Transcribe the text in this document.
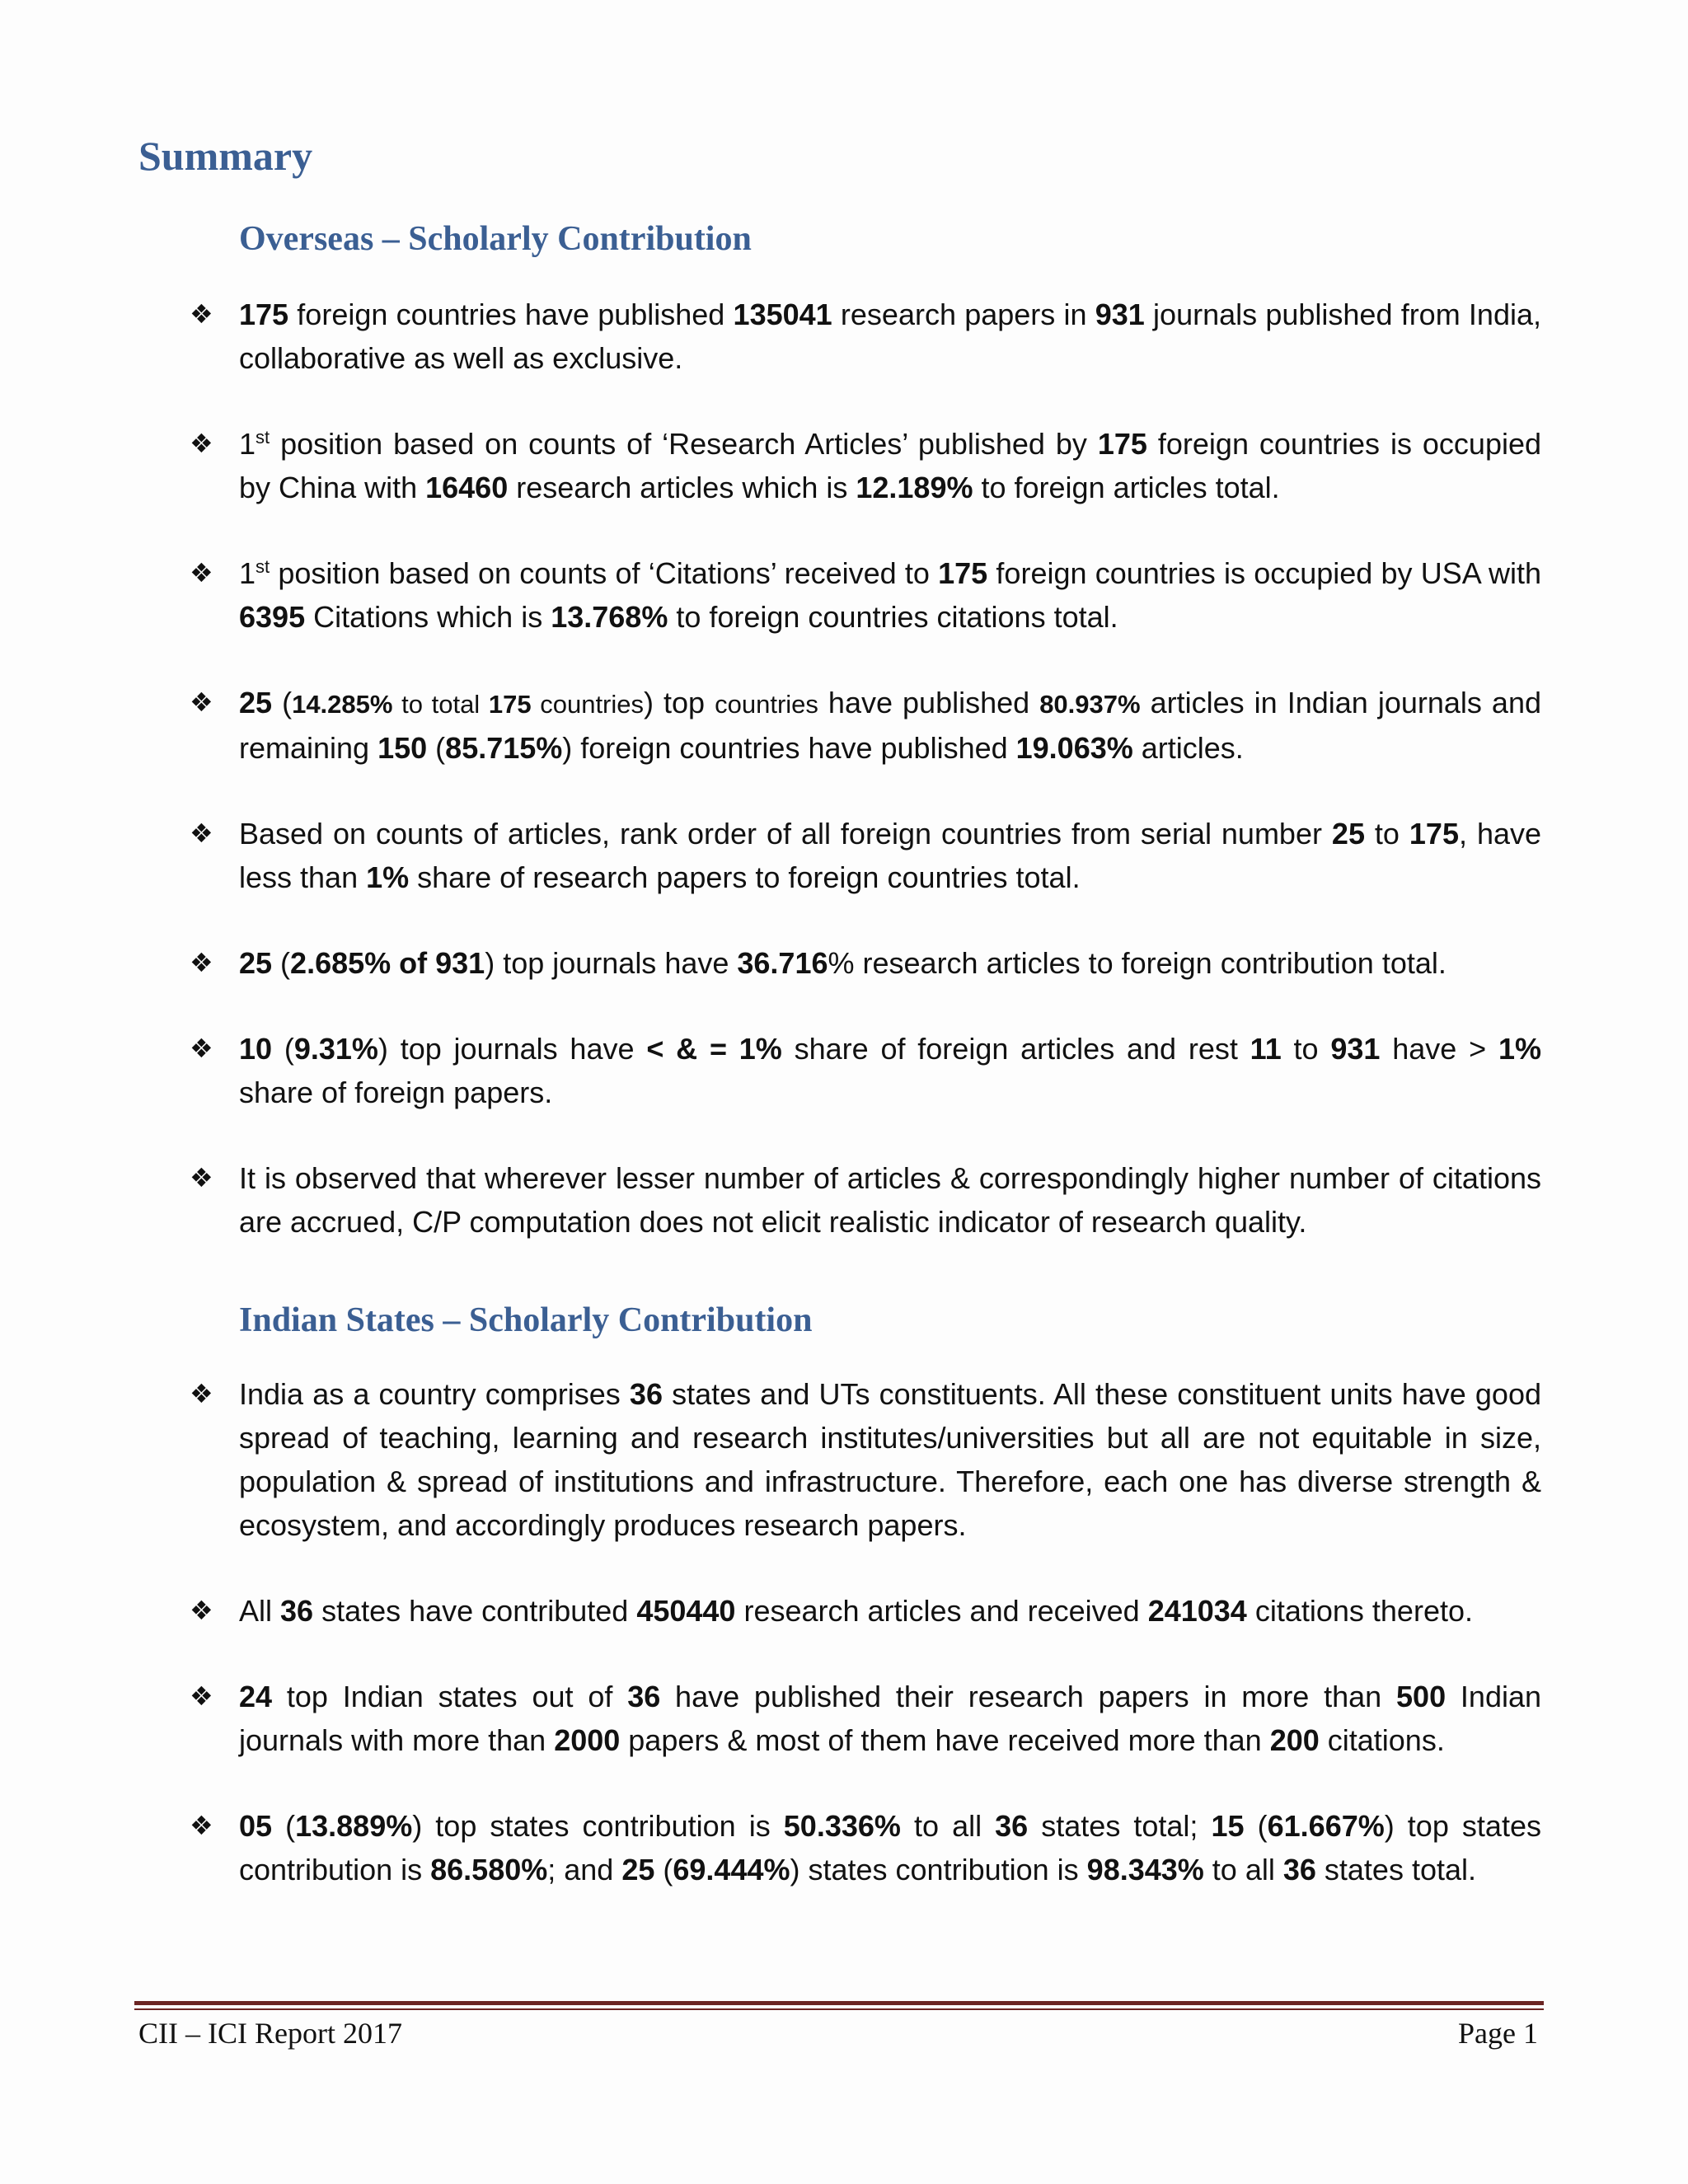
Summary
Overseas – Scholarly Contribution
❖ 175 foreign countries have published 135041 research papers in 931 journals published from India, collaborative as well as exclusive.
❖ 1st position based on counts of ‘Research Articles’ published by 175 foreign countries is occupied by China with 16460 research articles which is 12.189% to foreign articles total.
❖ 1st position based on counts of ‘Citations’ received to 175 foreign countries is occupied by USA with 6395 Citations which is 13.768% to foreign countries citations total.
❖ 25 (14.285% to total 175 countries) top countries have published 80.937% articles in Indian journals and remaining 150 (85.715%) foreign countries have published 19.063% articles.
❖ Based on counts of articles, rank order of all foreign countries from serial number 25 to 175, have less than 1% share of research papers to foreign countries total.
❖ 25 (2.685% of 931) top journals have 36.716% research articles to foreign contribution total.
❖ 10 (9.31%) top journals have < & = 1% share of foreign articles and rest 11 to 931 have > 1% share of foreign papers.
❖ It is observed that wherever lesser number of articles & correspondingly higher number of citations are accrued, C/P computation does not elicit realistic indicator of research quality.
Indian States – Scholarly Contribution
❖ India as a country comprises 36 states and UTs constituents. All these constituent units have good spread of teaching, learning and research institutes/universities but all are not equitable in size, population & spread of institutions and infrastructure. Therefore, each one has diverse strength & ecosystem, and accordingly produces research papers.
❖ All 36 states have contributed 450440 research articles and received 241034 citations thereto.
❖ 24 top Indian states out of 36 have published their research papers in more than 500 Indian journals with more than 2000 papers & most of them have received more than 200 citations.
❖ 05 (13.889%) top states contribution is 50.336% to all 36 states total; 15 (61.667%) top states contribution is 86.580%; and 25 (69.444%) states contribution is 98.343% to all 36 states total.

CII – ICI Report 2017	Page 1
